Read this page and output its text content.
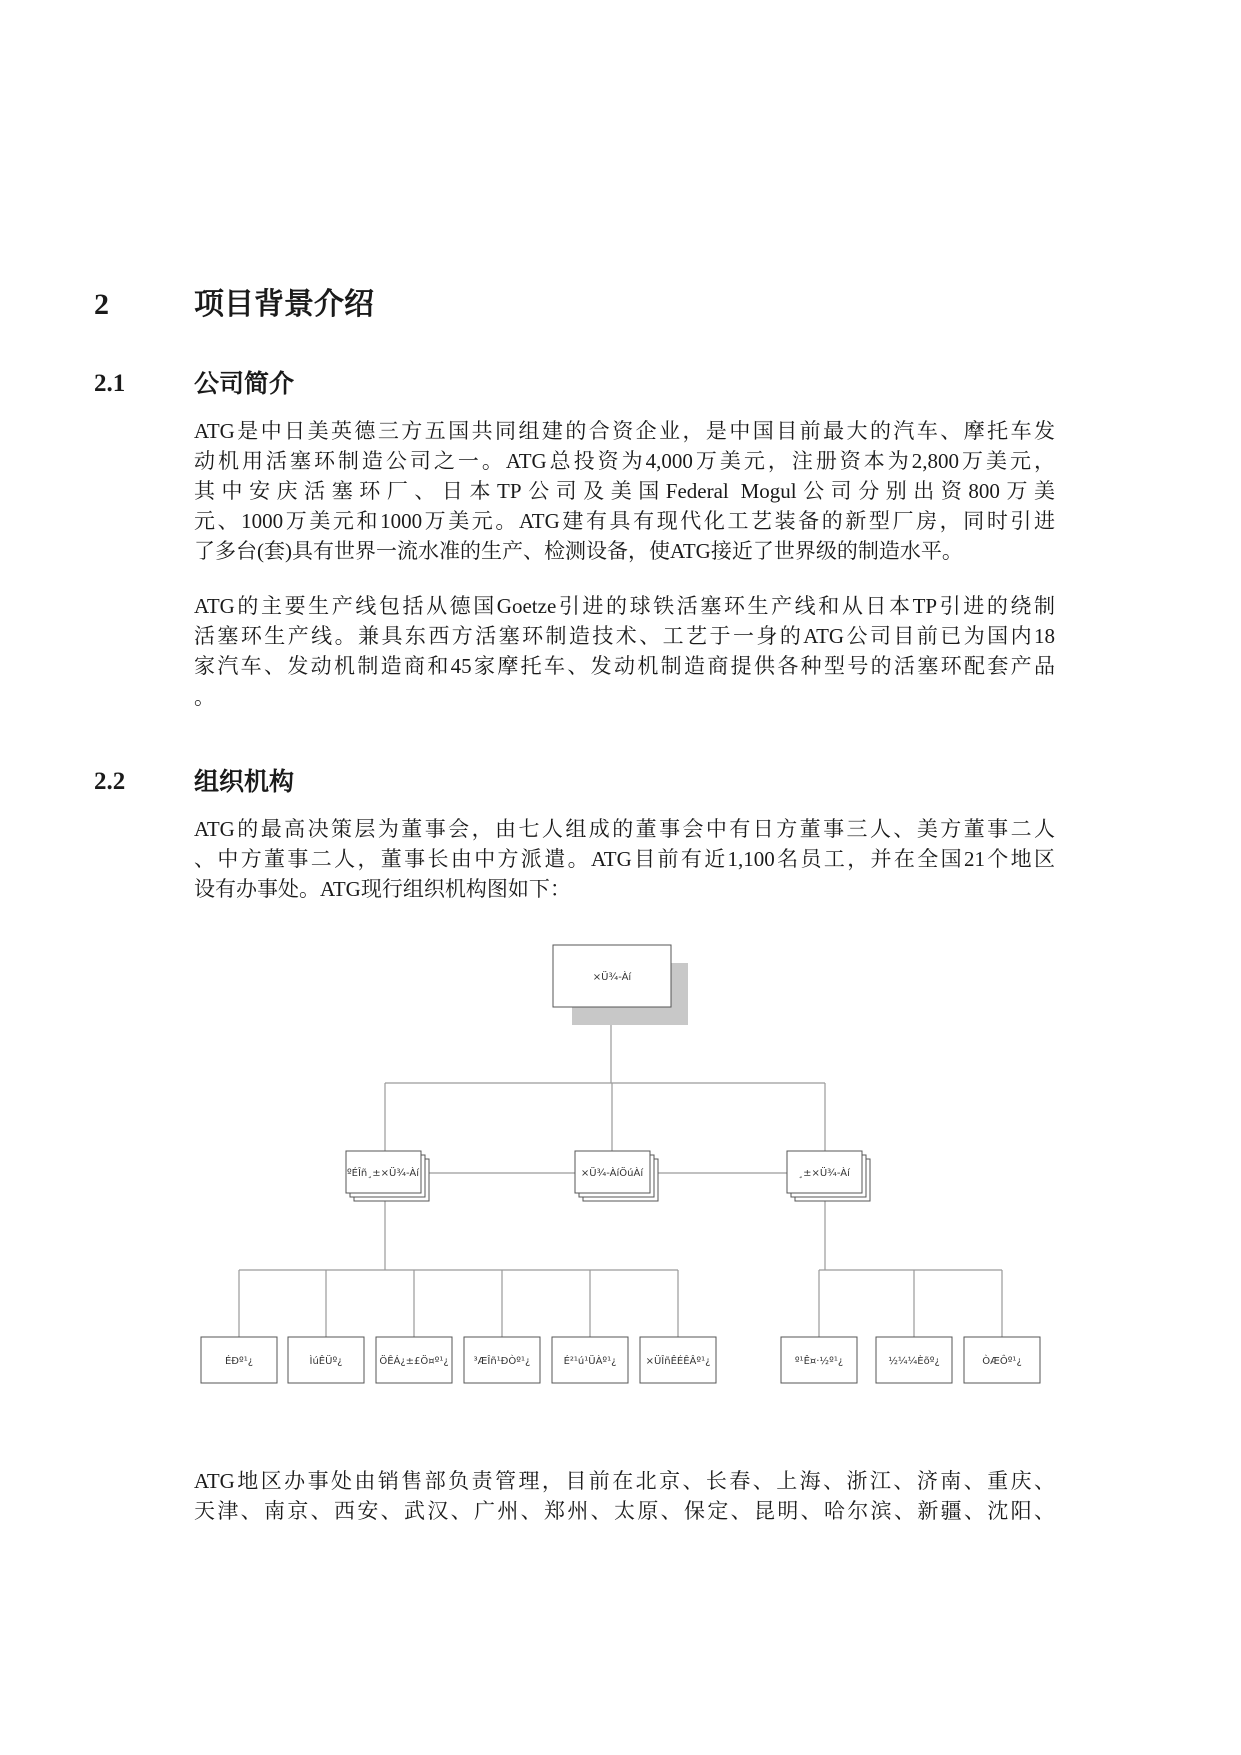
2	项目背景介绍
2.1	公司简介
ATG是中日美英德三方五国共同组建的合资企业，是中国目前最大的汽车、摩托车发
动机用活塞环制造公司之一。ATG总投资为4,000万美元，注册资本为2,800万美元，
其中安庆活塞环厂、日本TP公司及美国Federal Mogul公司分别出资800万美
元、1000万美元和1000万美元。ATG建有具有现代化工艺装备的新型厂房，同时引进
了多台(套)具有世界一流水准的生产、检测设备，使ATG接近了世界级的制造水平。
ATG的主要生产线包括从德国Goetze引进的球铁活塞环生产线和从日本TP引进的绕制
活塞环生产线。兼具东西方活塞环制造技术、工艺于一身的ATG公司目前已为国内18
家汽车、发动机制造商和45家摩托车、发动机制造商提供各种型号的活塞环配套产品
。
2.2	组织机构
ATG的最高决策层为董事会，由七人组成的董事会中有日方董事三人、美方董事二人
、中方董事二人，董事长由中方派遣。ATG目前有近1,100名员工，并在全国21个地区
设有办事处。ATG现行组织机构图如下：
×Ü¾-Àí
ºÉÎñ¸±×Ü¾-Àí	×Ü¾-ÀíÖúÀí	¸±×Ü¾-Àí
ÉÐº¹¿	ÌúÊÜº¿	ÖÊÁ¿±£Ö¤º¹¿ ³ÆÎñ¹ÐÒº¹¿	É²¹ú¹ÜÀº¹¿	×ÜÎñÊÉÊÂº¹¿	º¹Ê¤·½º¹¿	½¼¼Èõº¿	ÒÆÔº¹¿
ATG地区办事处由销售部负责管理，目前在北京、长春、上海、浙江、济南、重庆、
天津、南京、西安、武汉、广州、郑州、太原、保定、昆明、哈尔滨、新疆、沈阳、
